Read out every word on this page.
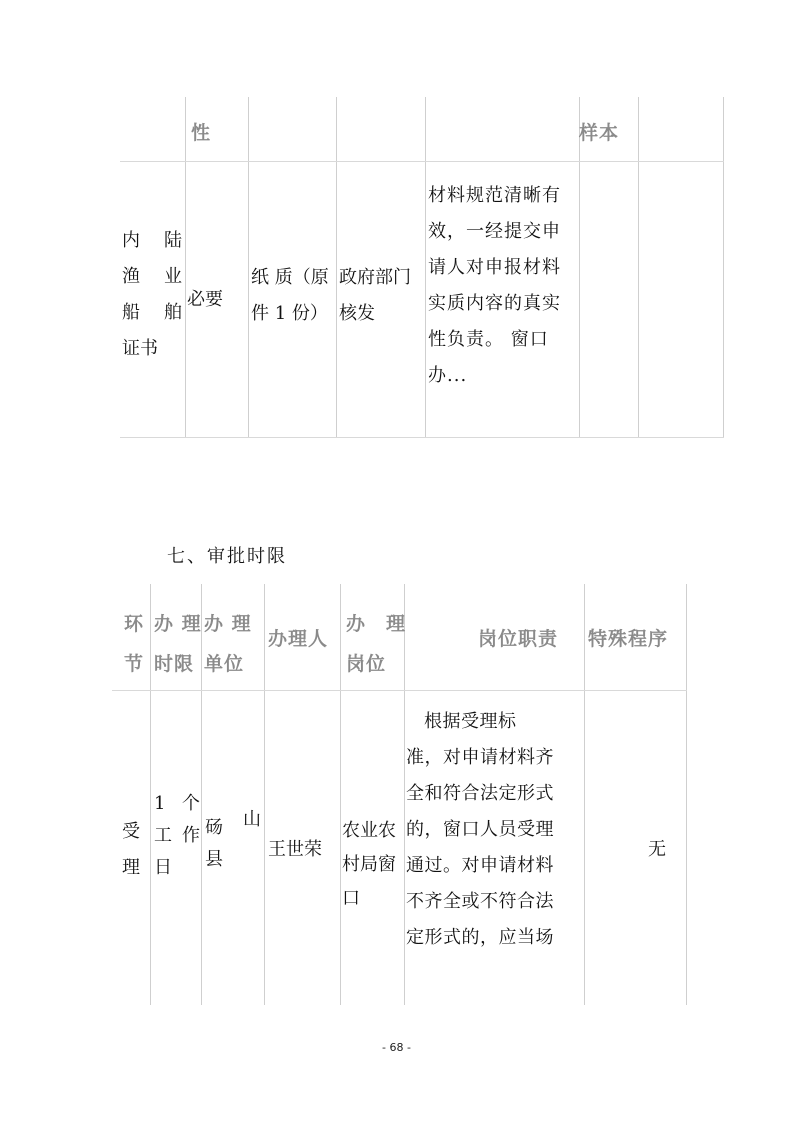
性	样本
内 陆
渔 业
船 舶
证书
必要
纸 质（原
件 1 份）
政府部门
核发
材料规范清晰有
效，一经提交申
请人对申报材料
实质内容的真实
性负责。 窗口
办...
七、审批时限
环
节
办 理
时限
办 理
单位
办理人
办　理
岗位
岗位职责 特殊程序
受
理
1 个
工 作
日
砀 山
县	王世荣
农业农
村局窗
口
根据受理标
准，对申请材料齐
全和符合法定形式
的，窗口人员受理
通过。对申请材料
不齐全或不符合法
定形式的，应当场
无
- 68 -
